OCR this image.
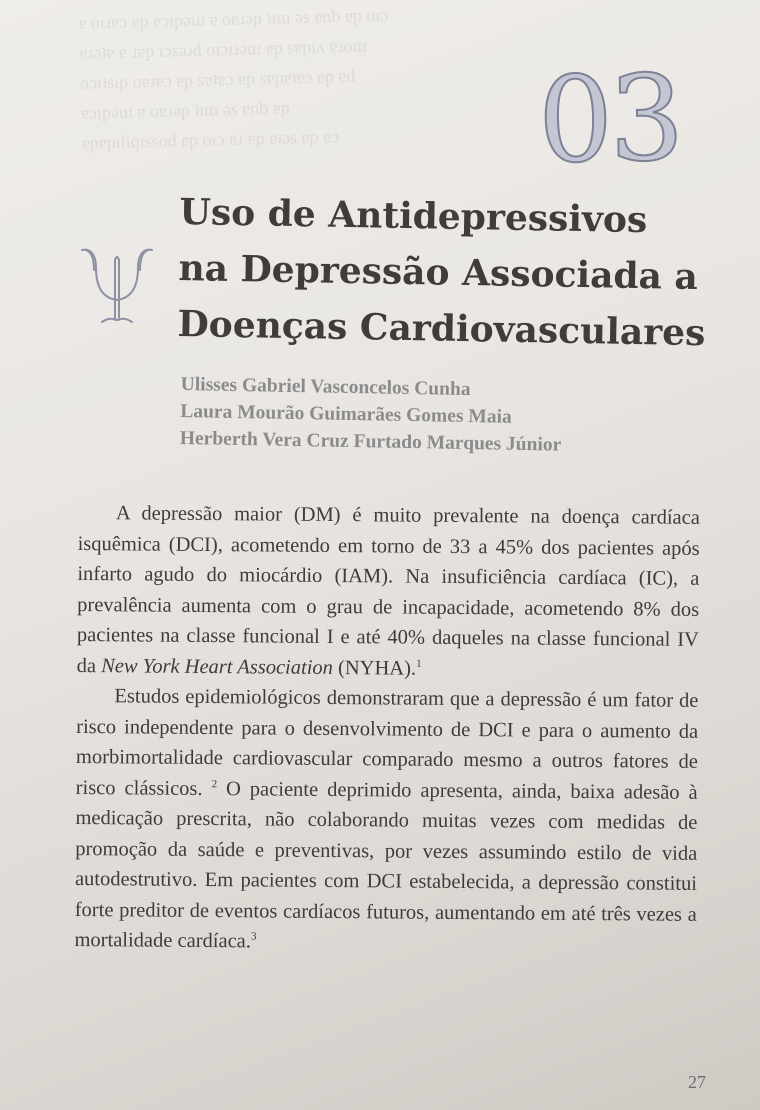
ɐ oıɹɐɔ ɐp ɐɔıpəɯ ɐ oɐɹəp ʇıɯ əs ɐnb ɐp oıɔ
ɐɹəʇɐ ɐ ɹɐp ıɔsəɹd oıɔıɹəɯ ɐp sɐpıʌ ɐɹoɯ
oɔıʇsıp oɐɹɐɔ ɐp sɐʇɐɔ ɐp sɐpɐʇɐɔ ɐp ɐd
ɐɔıpəɯ ɐ oɐɹəp ʇıɯ əs ɐnb ɐp
ɐpɐpılıqıssod ɐp oıɔ ɐɹ ɐp ɐʇəs ɐp ɐɔ	03
Uso de Antidepressivos
na Depressão Associada a
Doenças Cardiovasculares
Ulisses Gabriel Vasconcelos Cunha
Laura Mourão Guimarães Gomes Maia
Herberth Vera Cruz Furtado Marques Júnior

A depressão maior (DM) é muito prevalente na doença cardíaca isquêmica (DCI), acometendo em torno de 33 a 45% dos pacientes após infarto agudo do miocárdio (IAM). Na insuficiência cardíaca (IC), a prevalência aumenta com o grau de incapacidade, acometendo 8% dos pacientes na classe funcional I e até 40% daqueles na classe funcional IV da New York Heart Association (NYHA).$^1$

Estudos epidemiológicos demonstraram que a depressão é um fator de risco independente para o desenvolvimento de DCI e para o aumento da morbimortalidade cardiovascular comparado mesmo a outros fatores de risco clássicos. $^2$ O paciente deprimido apresenta, ainda, baixa adesão à medicação prescrita, não colaborando muitas vezes com medidas de promoção da saúde e preventivas, por vezes assumindo estilo de vida autodestrutivo. Em pacientes com DCI estabelecida, a depressão constitui forte preditor de eventos cardíacos futuros, aumentando em até três vezes a mortalidade cardíaca.$^3$

27
